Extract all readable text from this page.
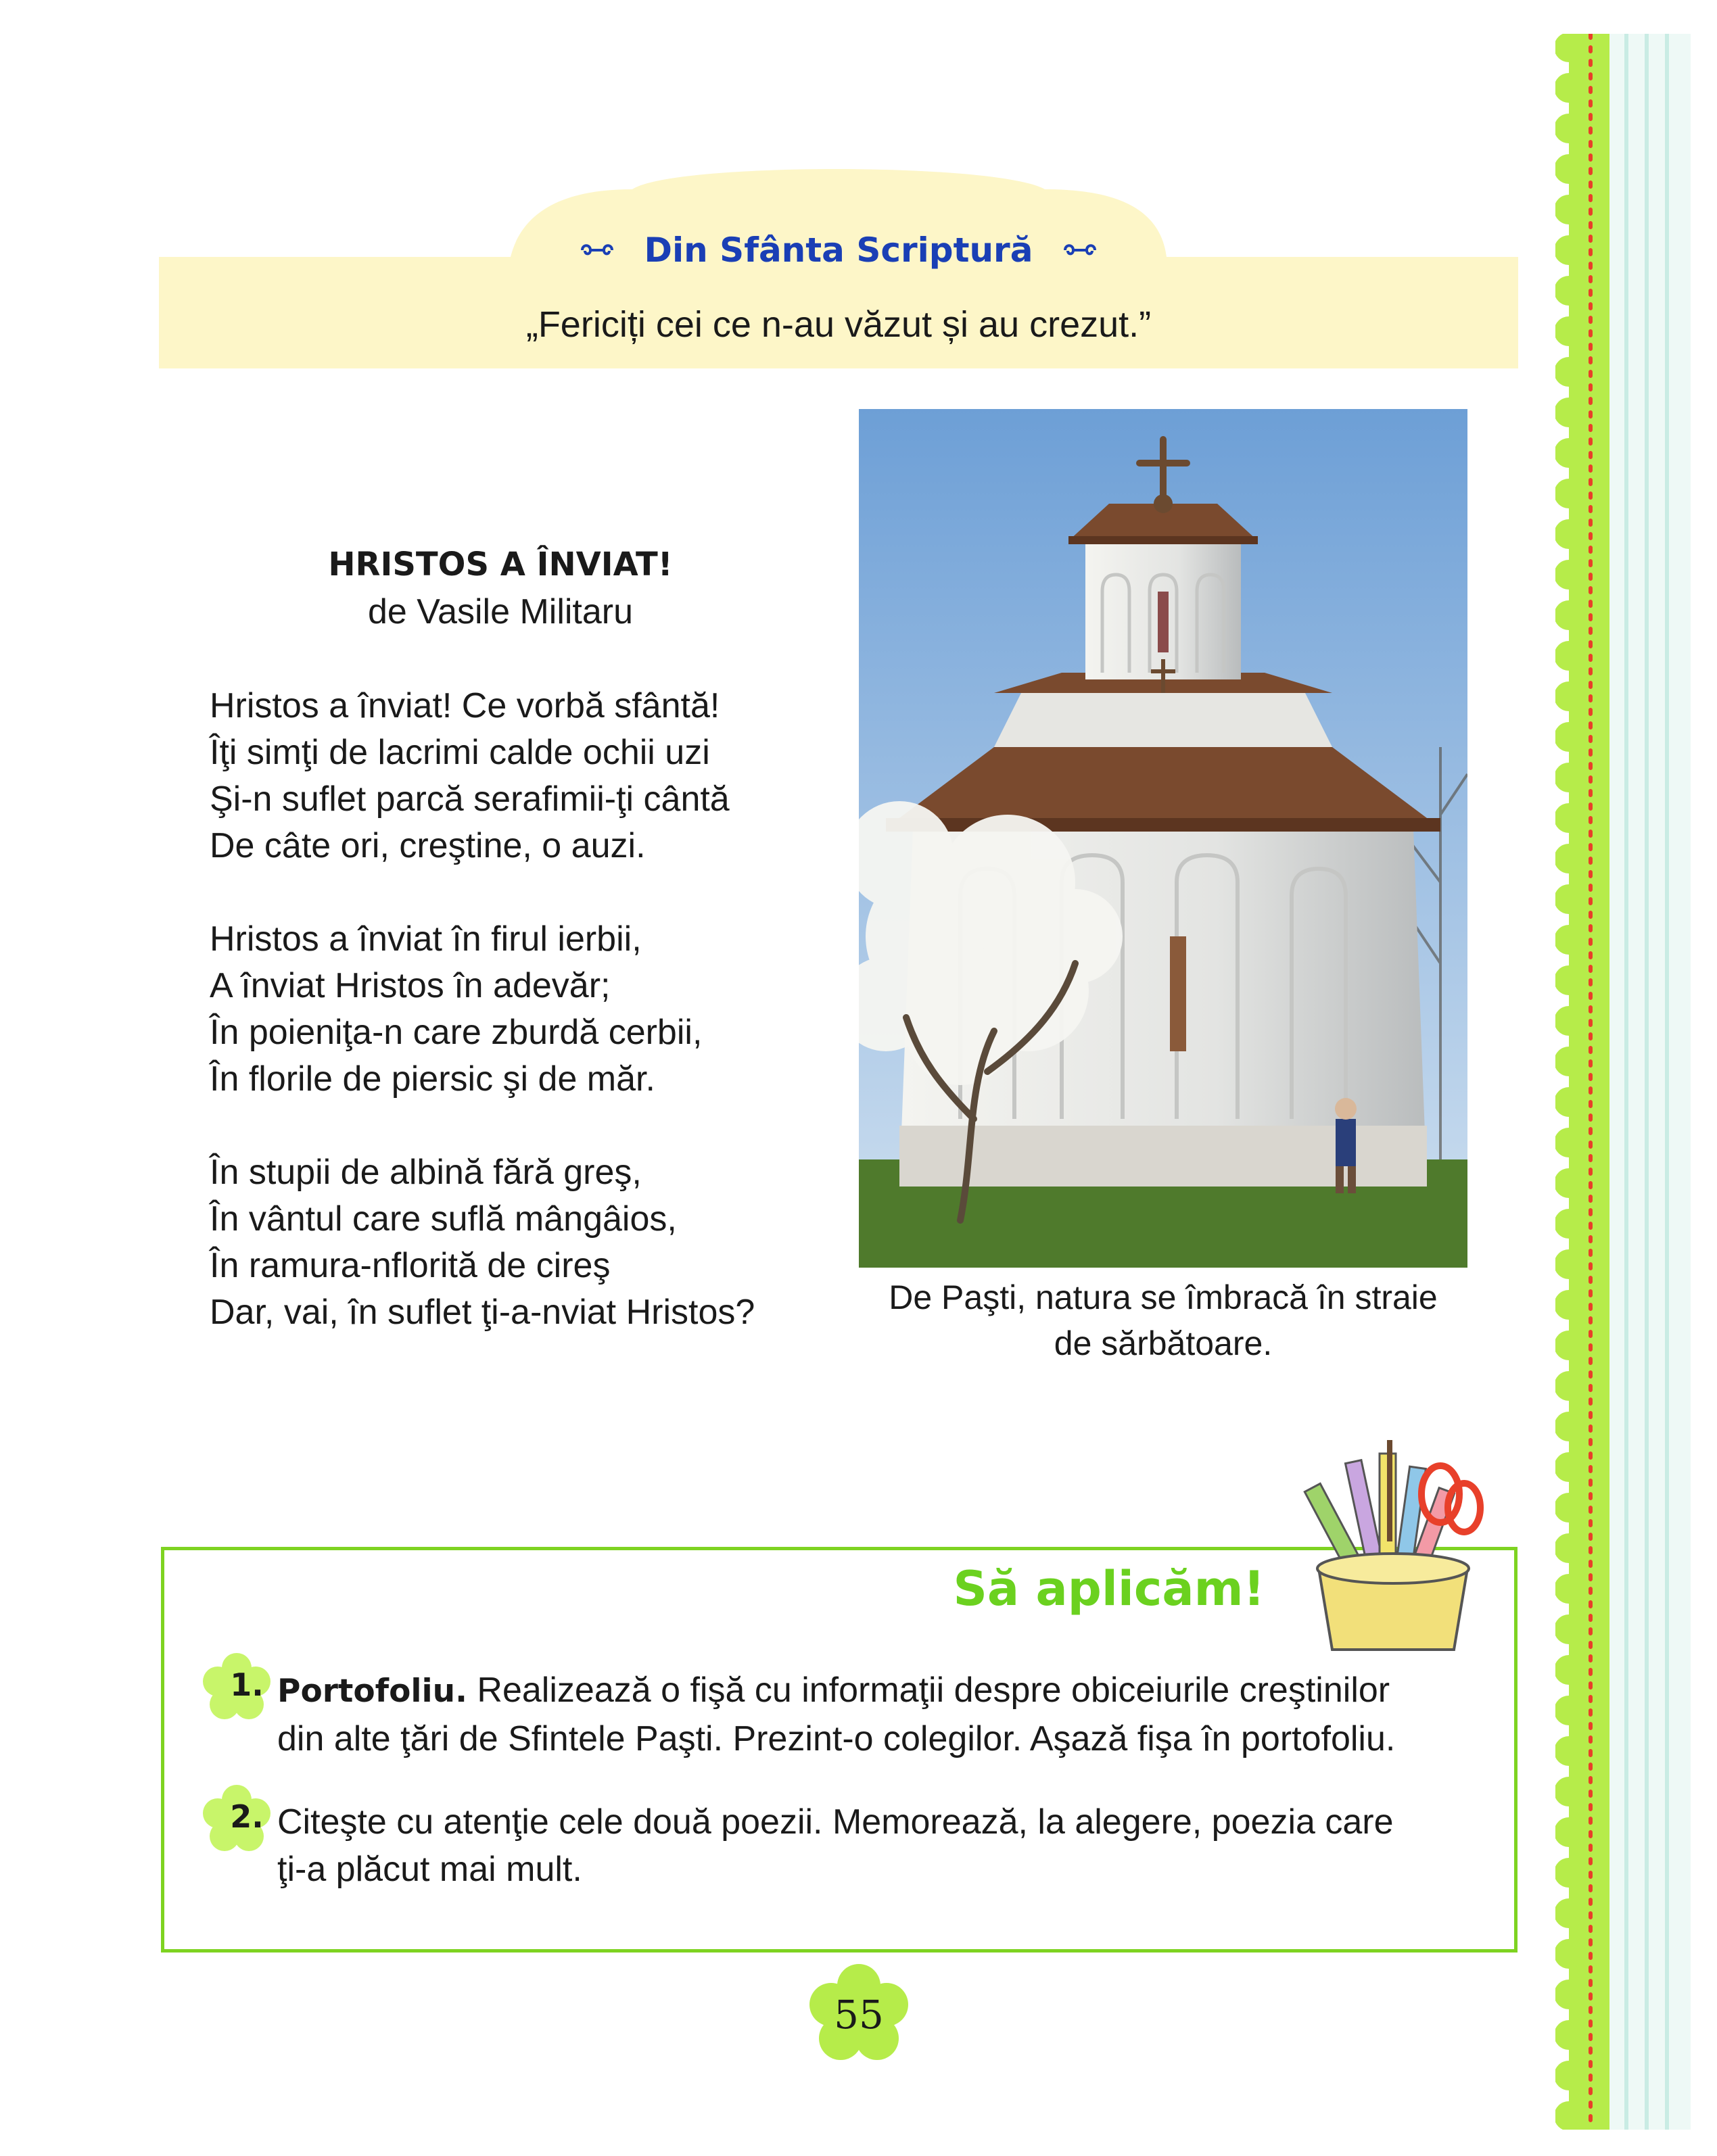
Din Sfânta Scriptură
„Fericiți cei ce n-au văzut și au crezut.”
HRISTOS A ÎNVIAT!
de Vasile Militaru
Hristos a înviat! Ce vorbă sfântă!
Îţi simţi de lacrimi calde ochii uzi
Şi-n suflet parcă serafimii-ţi cântă
De câte ori, creştine, o auzi.
Hristos a înviat în firul ierbii,
A înviat Hristos în adevăr;
În poieniţa-n care zburdă cerbii,
În florile de piersic şi de măr.
În stupii de albină fără greş,
În vântul care suflă mângâios,
În ramura-nflorită de cireş
Dar, vai, în suflet ţi-a-nviat Hristos?	De Paşti, natura se îmbracă în straie
de sărbătoare.
Să aplicăm!
1. Portofoliu. Realizează o fişă cu informaţii despre obiceiurile creştinilor
din alte ţări de Sfintele Paşti. Prezint-o colegilor. Aşază fişa în portofoliu.
2. Citeşte cu atenţie cele două poezii. Memorează, la alegere, poezia care
ţi-a plăcut mai mult.
55
